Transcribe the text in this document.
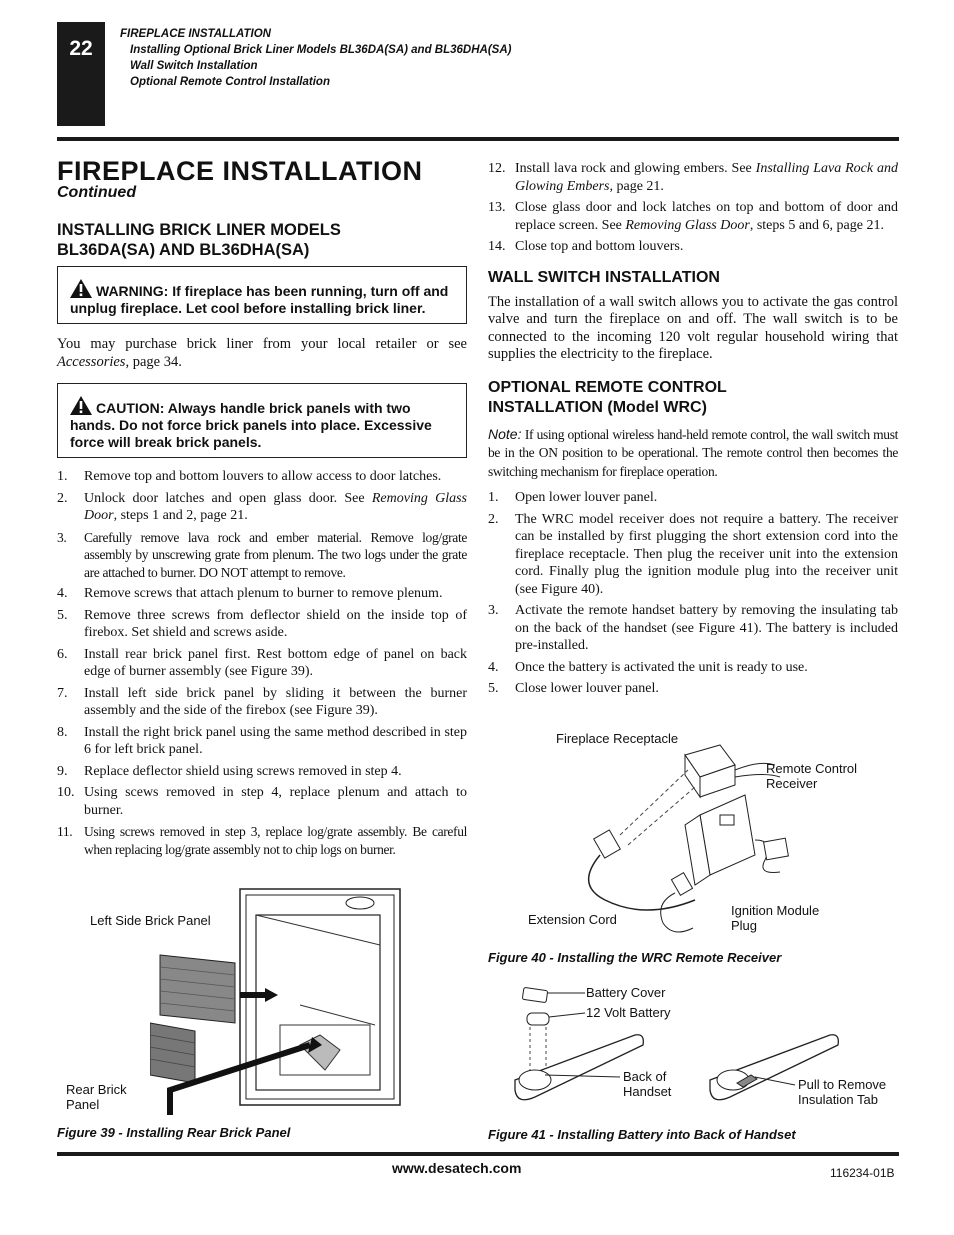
22
FIREPLACE INSTALLATION
Installing Optional Brick Liner Models BL36DA(SA) and BL36DHA(SA)
Wall Switch Installation
Optional Remote Control Installation
FIREPLACE INSTALLATION
Continued
INSTALLING BRICK LINER MODELS
BL36DA(SA) AND BL36DHA(SA)
WARNING: If fireplace has been running, turn off and unplug fireplace. Let cool before installing brick liner.

You may purchase brick liner from your local retailer or see Accessories, page 34.

CAUTION: Always handle brick panels with two hands. Do not force brick panels into place. Excessive force will break brick panels.
1. Remove top and bottom louvers to allow access to door latches.
2. Unlock door latches and open glass door. See Removing Glass Door, steps 1 and 2, page 21.
3. Carefully remove lava rock and ember material. Remove log/grate assembly by unscrewing grate from plenum. The two logs under the grate are attached to burner. DO NOT attempt to remove.
4. Remove screws that attach plenum to burner to remove plenum.
5. Remove three screws from deflector shield on the inside top of firebox. Set shield and screws aside.
6. Install rear brick panel first. Rest bottom edge of panel on back edge of burner assembly (see Figure 39).
7. Install left side brick panel by sliding it between the burner assembly and the side of the firebox (see Figure 39).
8. Install the right brick panel using the same method described in step 6 for left brick panel.
9. Replace deflector shield using screws removed in step 4.
10. Using scews removed in step 4, replace plenum and attach to burner.
11. Using screws removed in step 3, replace log/grate assembly. Be careful when replacing log/grate assembly not to chip logs on burner.
Left Side Brick Panel
Rear Brick Panel
Figure 39 - Installing Rear Brick Panel
12. Install lava rock and glowing embers. See Installing Lava Rock and Glowing Embers, page 21.
13. Close glass door and lock latches on top and bottom of door and replace screen. See Removing Glass Door, steps 5 and 6, page 21.
14. Close top and bottom louvers.
WALL SWITCH INSTALLATION

The installation of a wall switch allows you to activate the gas control valve and turn the fireplace on and off. The wall switch is to be connected to the incoming 120 volt regular household wiring that supplies the electricity to the fireplace.

OPTIONAL REMOTE CONTROL
INSTALLATION (Model WRC)

Note: If using optional wireless hand-held remote control, the wall switch must be in the ON position to be operational. The remote control then becomes the switching mechanism for fireplace operation.

1. Open lower louver panel.
2. The WRC model receiver does not require a battery. The receiver can be installed by first plugging the short extension cord into the fireplace receptacle. Then plug the receiver unit into the extension cord. Finally plug the ignition module plug into the receiver unit (see Figure 40).
3. Activate the remote handset battery by removing the insulating tab on the back of the handset (see Figure 41). The battery is included pre-installed.
4. Once the battery is activated the unit is ready to use.
5. Close lower louver panel.
Fireplace Receptacle
Remote Control Receiver
Extension Cord
Ignition Module Plug
Figure 40 - Installing the WRC Remote Receiver
Battery Cover
12 Volt Battery
Back of Handset	Pull to Remove Insulation Tab
Figure 41 - Installing Battery into Back of Handset
www.desatech.com	116234-01B
